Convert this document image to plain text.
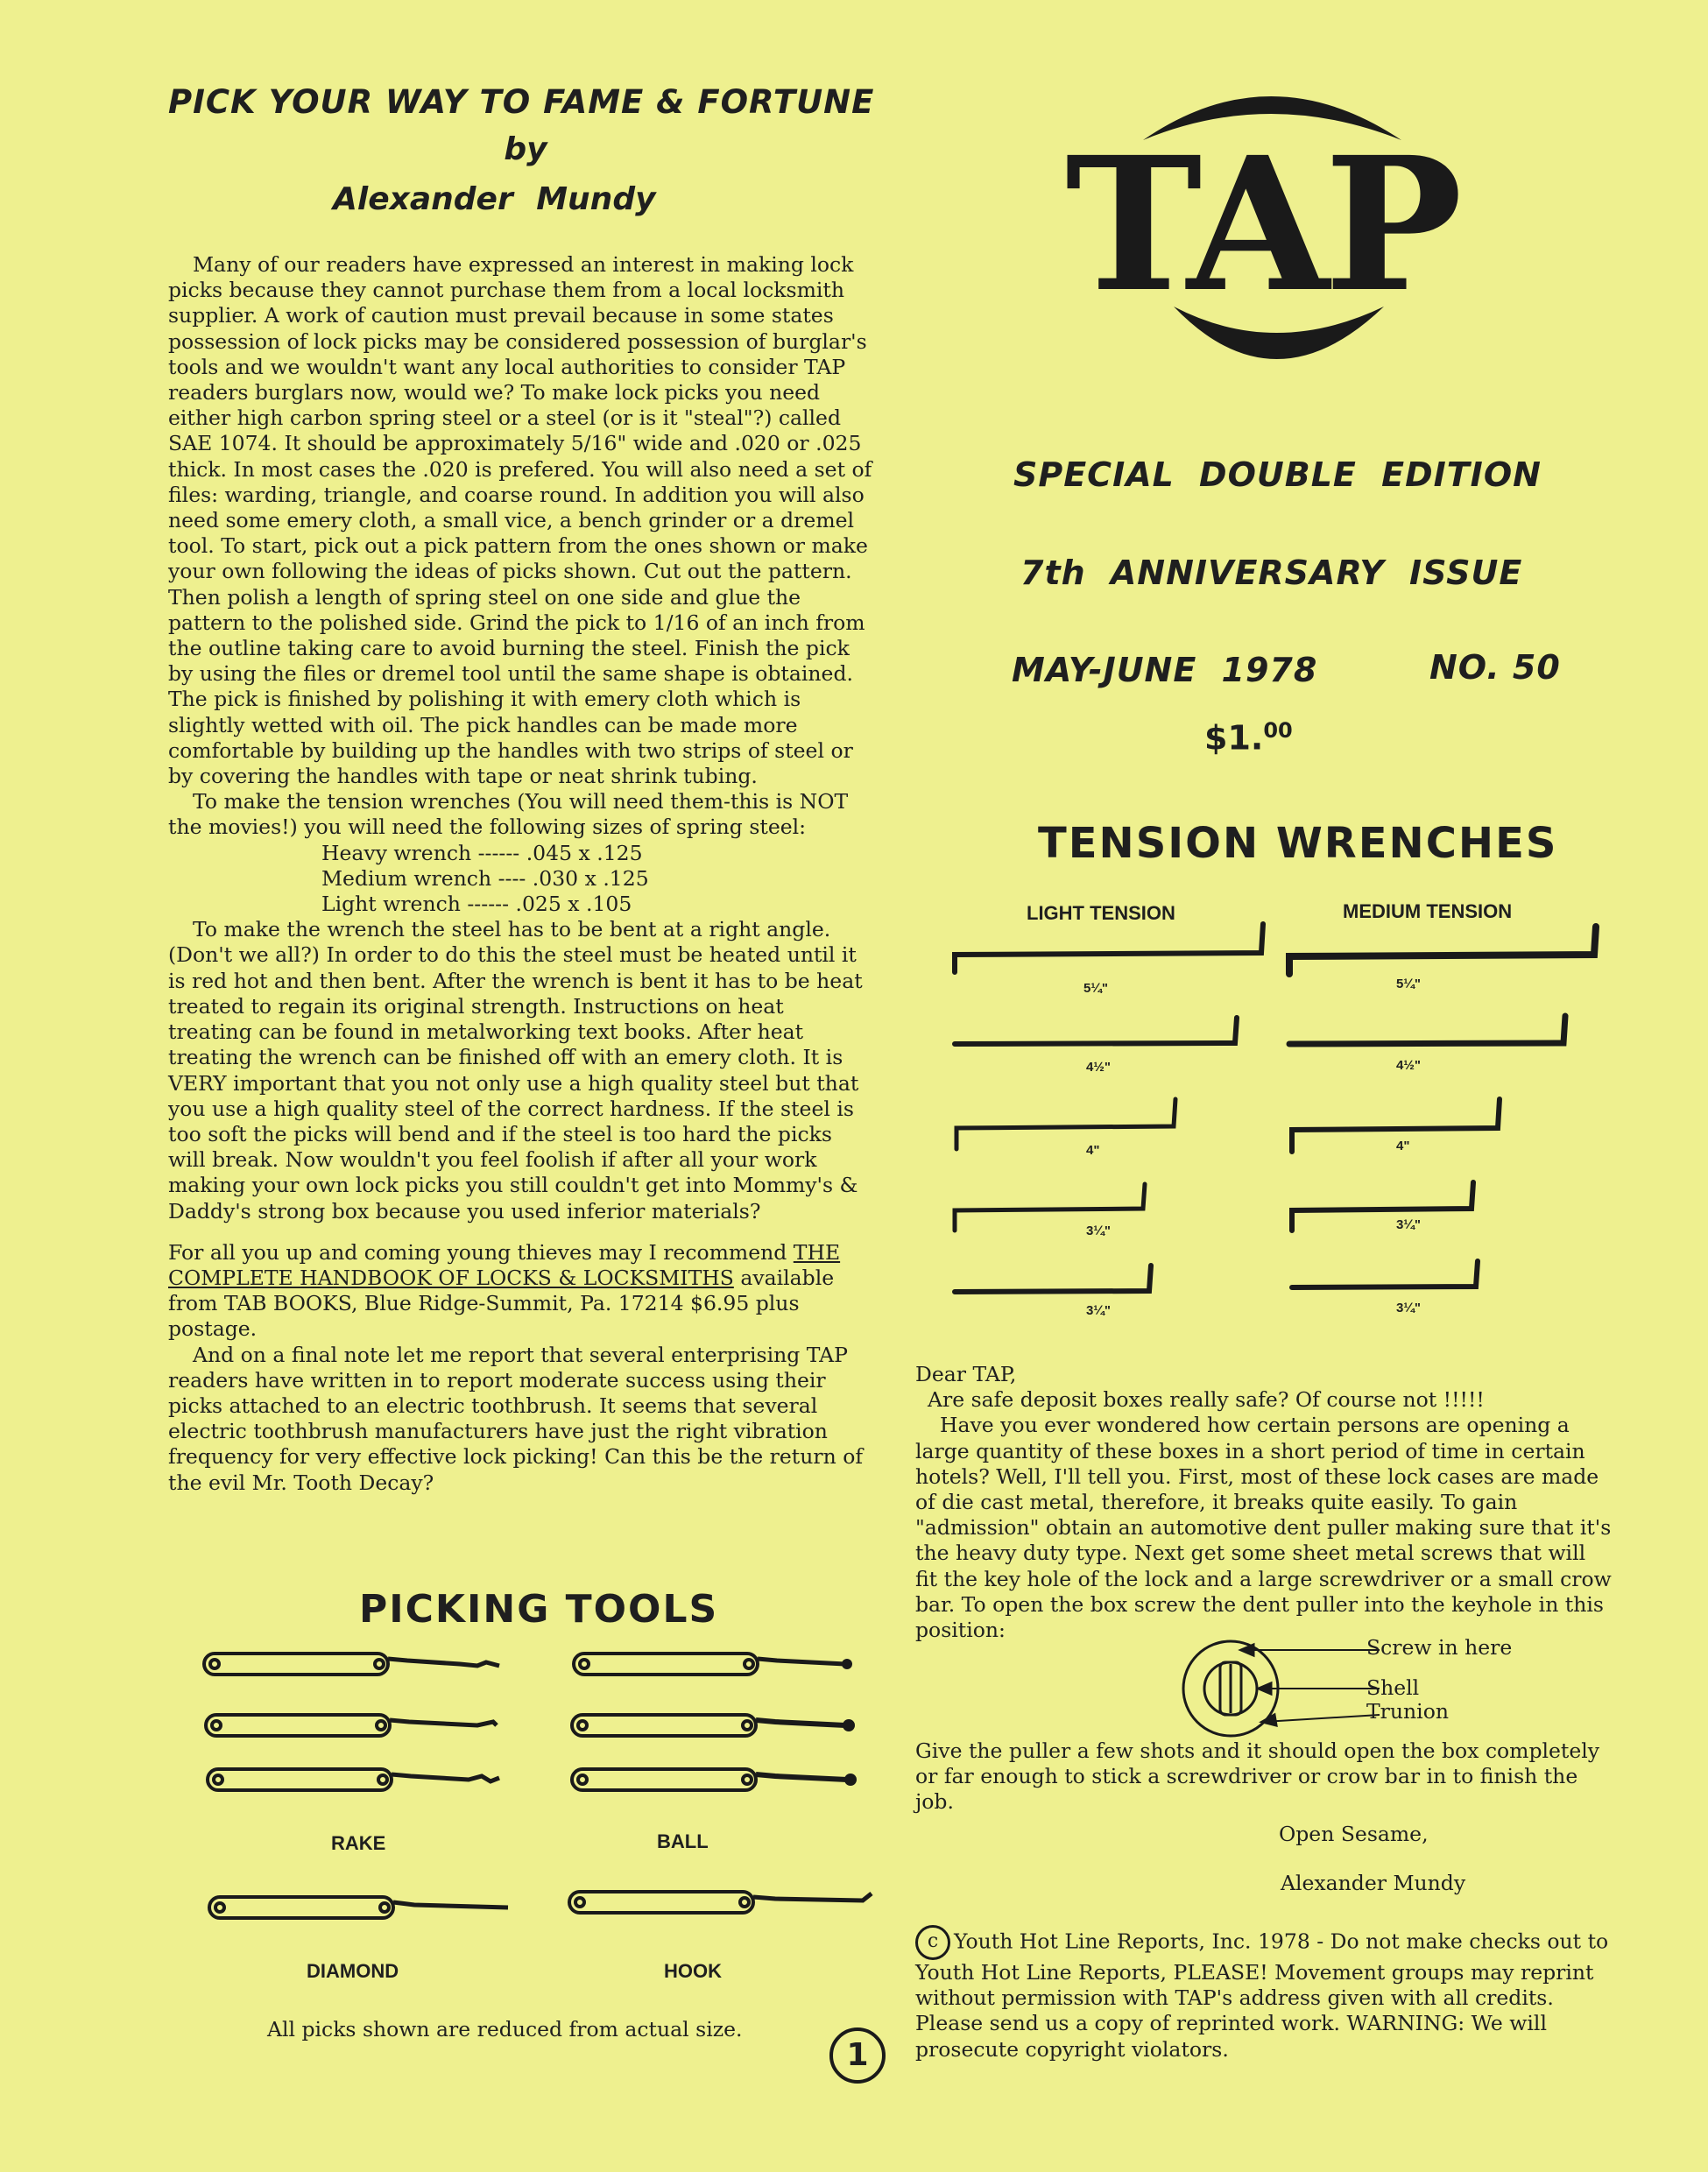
PICK YOUR WAY TO FAME & FORTUNE
by
Alexander Mundy

Many of our readers have expressed an interest in making lock picks because they cannot purchase them from a local locksmith supplier. A work of caution must prevail because in some states possession of lock picks may be considered possession of burglar's tools and we wouldn't want any local authorities to consider TAP readers burglars now, would we? To make lock picks you need either high carbon spring steel or a steel (or is it "steal"?) called SAE 1074. It should be approximately 5/16" wide and .020 or .025 thick. In most cases the .020 is prefered. You will also need a set of files: warding, triangle, and coarse round. In addition you will also need some emery cloth, a small vice, a bench grinder or a dremel tool. To start, pick out a pick pattern from the ones shown or make your own following the ideas of picks shown. Cut out the pattern. Then polish a length of spring steel on one side and glue the pattern to the polished side. Grind the pick to 1/16 of an inch from the outline taking care to avoid burning the steel. Finish the pick by using the files or dremel tool until the same shape is obtained. The pick is finished by polishing it with emery cloth which is slightly wetted with oil. The pick handles can be made more comfortable by building up the handles with two strips of steel or by covering the handles with tape or neat shrink tubing.

To make the tension wrenches (You will need them-this is NOT the movies!) you will need the following sizes of spring steel:

Heavy wrench ------ .045 x .125

Medium wrench ---- .030 x .125

Light wrench ------ .025 x .105

To make the wrench the steel has to be bent at a right angle. (Don't we all?) In order to do this the steel must be heated until it is red hot and then bent. After the wrench is bent it has to be heat treated to regain its original strength. Instructions on heat treating can be found in metalworking text books. After heat treating the wrench can be finished off with an emery cloth. It is VERY important that you not only use a high quality steel but that you use a high quality steel of the correct hardness. If the steel is too soft the picks will bend and if the steel is too hard the picks will break. Now wouldn't you feel foolish if after all your work making your own lock picks you still couldn't get into Mommy's & Daddy's strong box because you used inferior materials?

For all you up and coming young thieves may I recommend THE COMPLETE HANDBOOK OF LOCKS & LOCKSMITHS available from TAB BOOKS, Blue Ridge-Summit, Pa. 17214 $6.95 plus postage.

And on a final note let me report that several enterprising TAP readers have written in to report moderate success using their picks attached to an electric toothbrush. It seems that several electric toothbrush manufacturers have just the right vibration frequency for very effective lock picking! Can this be the return of the evil Mr. Tooth Decay?

PICKING TOOLS
RAKE	BALL
DIAMOND	HOOK
All picks shown are reduced from actual size.
1
TAP
SPECIAL DOUBLE EDITION
7th ANNIVERSARY ISSUE
MAY-JUNE 1978	NO. 50
$1.00
TENSION WRENCHES
LIGHT TENSION	MEDIUM TENSION
5¼"
4½"
4"
3¼"
3¼"
5¼"
4½"
4"
3¼"
3¼"

Dear TAP,

Are safe deposit boxes really safe? Of course not !!!!!

Have you ever wondered how certain persons are opening a large quantity of these boxes in a short period of time in certain hotels? Well, I'll tell you. First, most of these lock cases are made of die cast metal, therefore, it breaks quite easily. To gain "admission" obtain an automotive dent puller making sure that it's the heavy duty type. Next get some sheet metal screws that will fit the key hole of the lock and a large screwdriver or a small crow bar. To open the box screw the dent puller into the keyhole in this position:

Screw in here
Shell
Trunion
Give the puller a few shots and it should open the box completely or far enough to stick a screwdriver or crow bar in to finish the job.
Open Sesame,
Alexander Mundy
c Youth Hot Line Reports, Inc. 1978 - Do not make checks out to Youth Hot Line Reports, PLEASE! Movement groups may reprint without permission with TAP's address given with all credits. Please send us a copy of reprinted work. WARNING: We will prosecute copyright violators.
